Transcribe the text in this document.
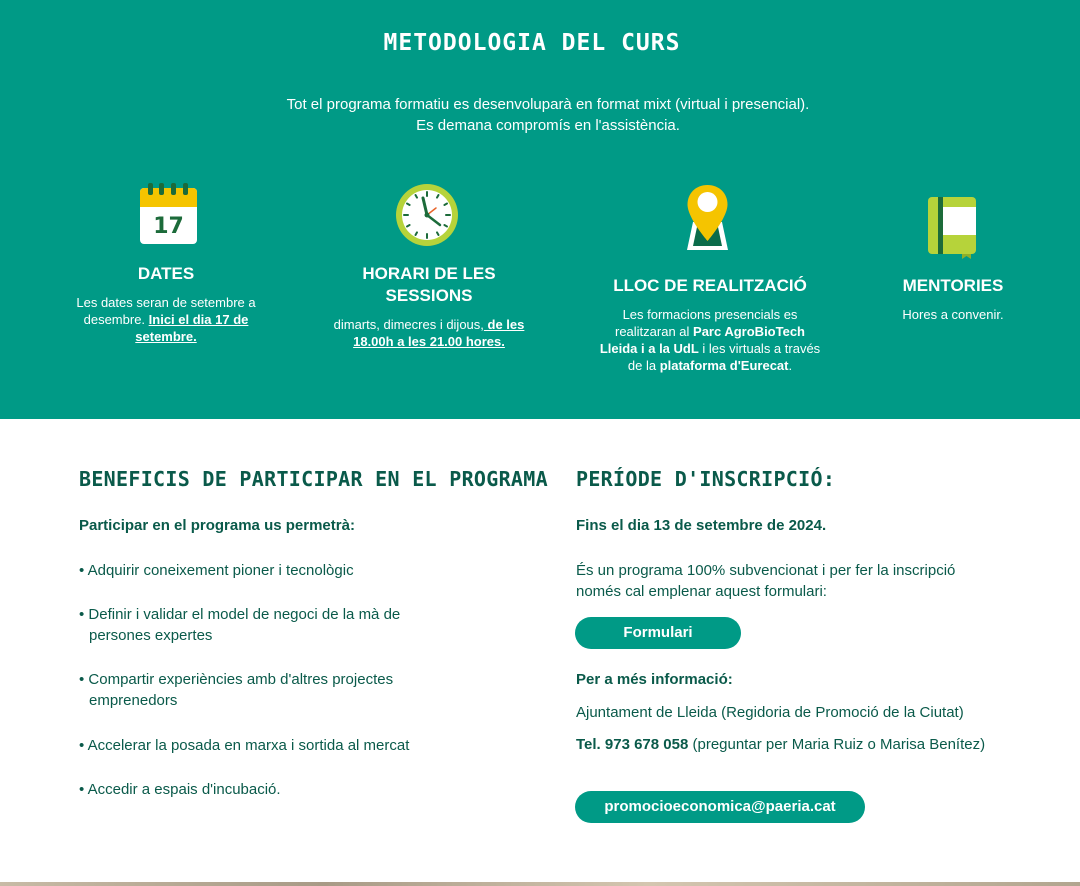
METODOLOGIA DEL CURS
Tot el programa formatiu es desenvoluparà en format mixt (virtual i presencial).
Es demana compromís en l'assistència.
17
DATES

Les dates seran de setembre a desembre. Inici el dia 17 de setembre.

HORARI DE LES SESSIONS

dimarts, dimecres i dijous, de les 18.00h a les 21.00 hores.

LLOC DE REALITZACIÓ

Les formacions presencials es realitzaran al Parc AgroBioTech Lleida i a la UdL i les virtuals a través de la plataforma d'Eurecat.

MENTORIES

Hores a convenir.

BENEFICIS DE PARTICIPAR EN EL PROGRAMA
Participar en el programa us permetrà:
• Adquirir coneixement pioner i tecnològic
• Definir i validar el model de negoci de la mà de
persones expertes
• Compartir experiències amb d'altres projectes
emprenedors
• Accelerar la posada en marxa i sortida al mercat
• Accedir a espais d'incubació.
PERÍODE D'INSCRIPCIÓ:
Fins el dia 13 de setembre de 2024.
És un programa 100% subvencionat i per fer la inscripció
només cal emplenar aquest formulari:
Formulari
Per a més informació:
Ajuntament de Lleida (Regidoria de Promoció de la Ciutat)
Tel. 973 678 058 (preguntar per Maria Ruiz o Marisa Benítez)
promocioeconomica@paeria.cat
